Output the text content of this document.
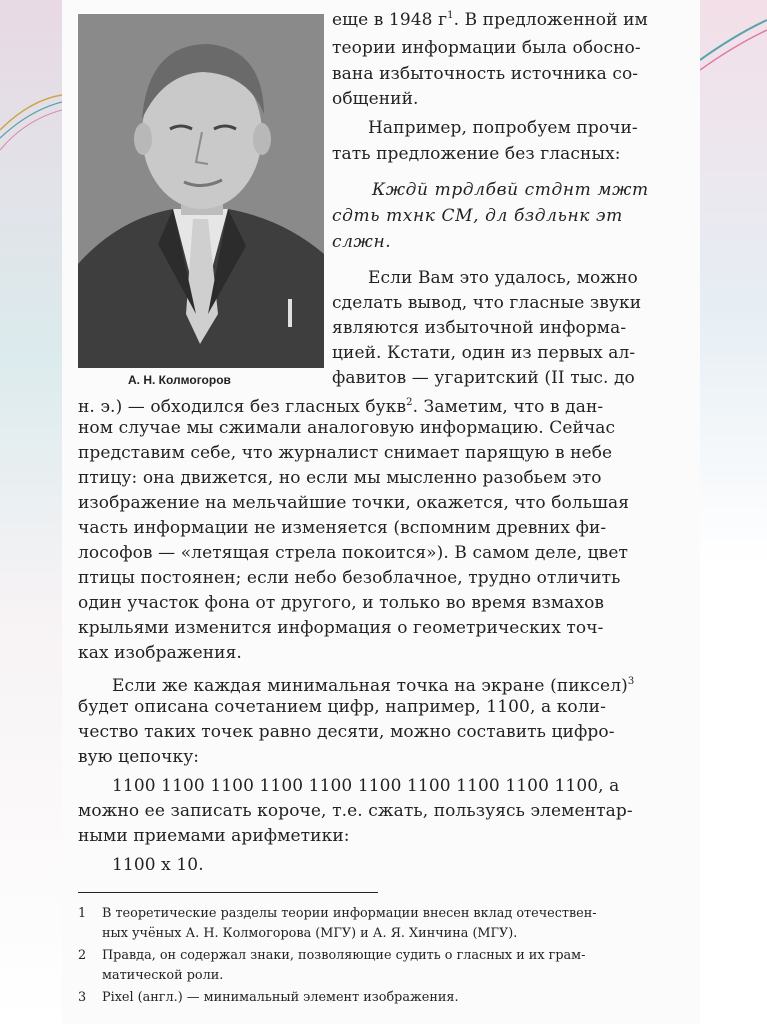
А. Н. Колмогоров
еще в 1948 $г^1$. В предложенной им
теории информации была обосно-
вана избыточность источника со-
общений.
Например, попробуем прочи-
тать предложение без гласных:
Кждй трдлбвй стднт мжт
сдть тхнк СМ, дл бздльнк эт
слжн.
Если Вам это удалось, можно
сделать вывод, что гласные звуки
являются избыточной информа-
цией. Кстати, один из первых ал-
фавитов — угаритский (II тыс. до
н. э.) — обходился без гласных букв$^2$. Заметим, что в дан-
ном случае мы сжимали аналоговую информацию. Сейчас
представим себе, что журналист снимает парящую в небе
птицу: она движется, но если мы мысленно разобьем это
изображение на мельчайшие точки, окажется, что большая
часть информации не изменяется (вспомним древних фи-
лософов — «летящая стрела покоится»). В самом деле, цвет
птицы постоянен; если небо безоблачное, трудно отличить
один участок фона от другого, и только во время взмахов
крыльями изменится информация о геометрических точ-
ках изображения.
Если же каждая минимальная точка на экране (пиксел)$^3$
будет описана сочетанием цифр, например, 1100, а коли-
чество таких точек равно десяти, можно составить цифро-
вую цепочку:
1100 1100 1100 1100 1100 1100 1100 1100 1100 1100, а
можно ее записать короче, т.е. сжать, пользуясь элементар-
ными приемами арифметики:
1100 х 10.
1 В теоретические разделы теории информации внесен вклад отечествен-
ных учёных А. Н. Колмогорова (МГУ) и А. Я. Хинчина (МГУ).
2 Правда, он содержал знаки, позволяющие судить о гласных и их грам-
матической роли.
3 Pixel (англ.) — минимальный элемент изображения.
